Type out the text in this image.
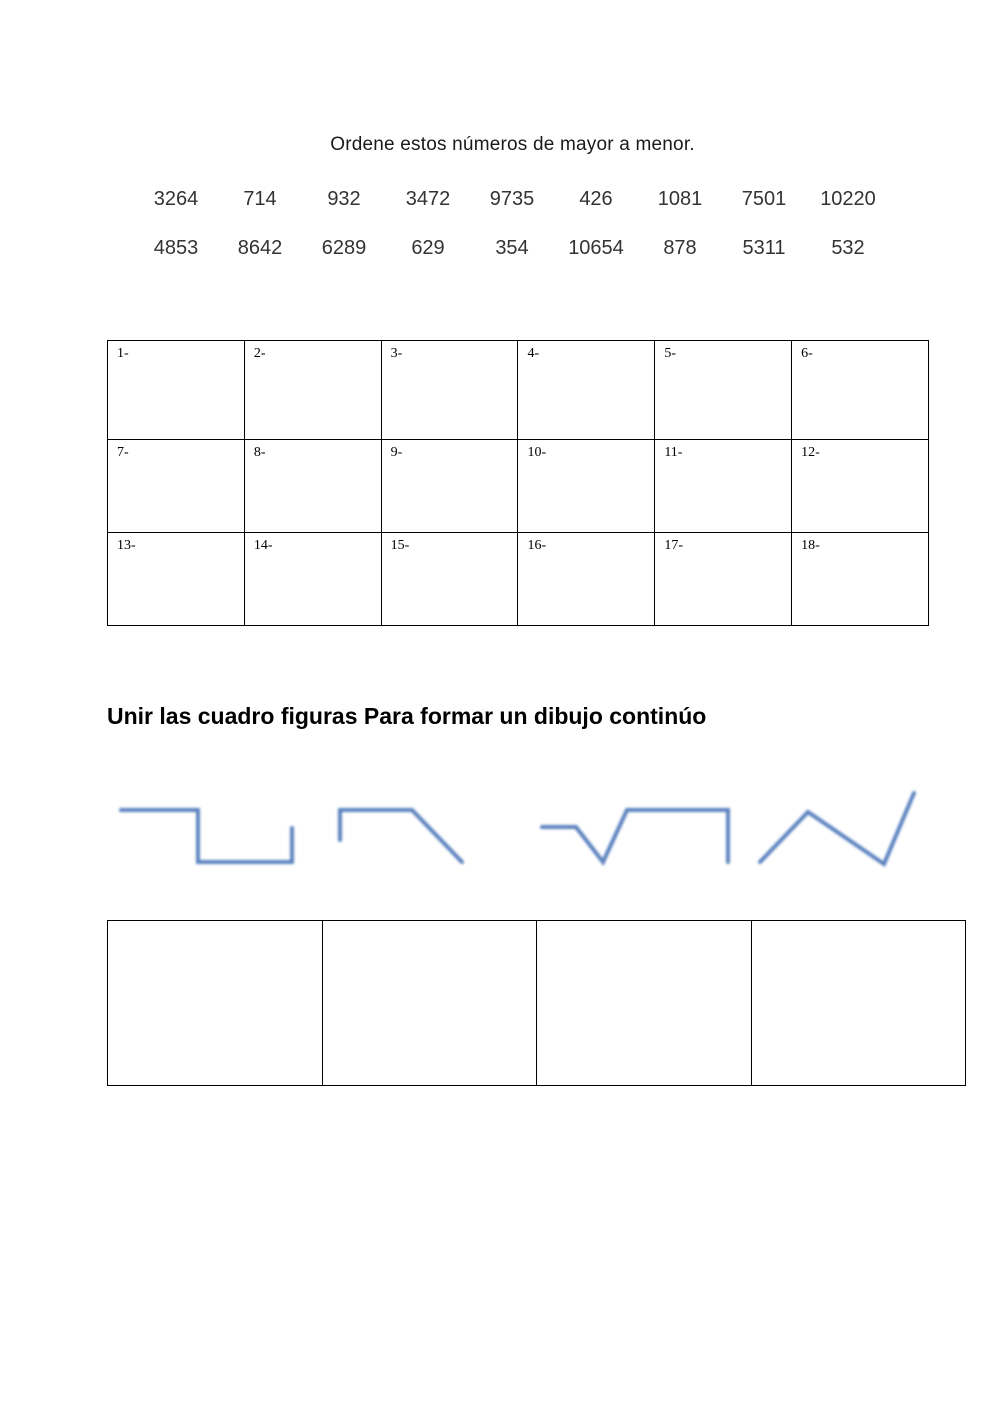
Ordene estos números de mayor a menor.
3264	714	932	3472	9735	426	1081	7501	10220
4853	8642	6289	629	354	10654	878	5311	532
1-	2-	3-	4-	5-	6-
7-	8-	9-	10-	11-	12-
13-	14-	15-	16-	17-	18-
Unir las cuadro figuras Para formar un dibujo continúo
